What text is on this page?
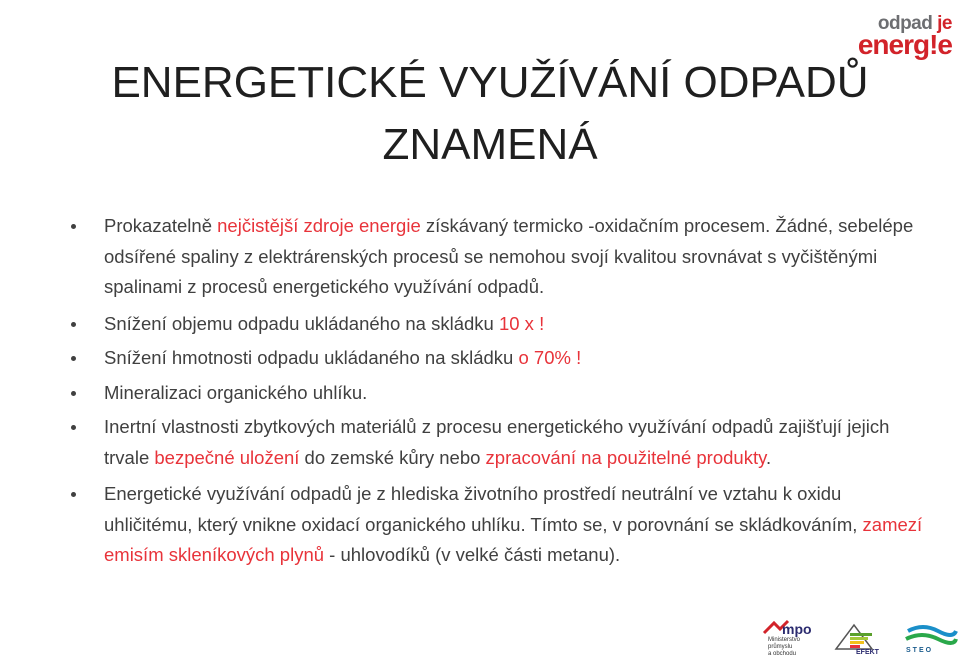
odpad je
energ!e
ENERGETICKÉ VYUŽÍVÁNÍ ODPADŮ
ZNAMENÁ
Prokazatelně nejčistější zdroje energie získávaný termicko -oxidačním procesem. Žádné, sebelépe odsířené spaliny z elektrárenských procesů se nemohou svojí kvalitou srovnávat s vyčištěnými spalinami z procesů energetického využívání odpadů.
Snížení objemu odpadu ukládaného na skládku 10 x !
Snížení hmotnosti odpadu ukládaného na skládku o 70% !
Mineralizaci organického uhlíku.
Inertní vlastnosti zbytkových materiálů z procesu energetického využívání odpadů zajišťují jejich trvale bezpečné uložení do zemské kůry nebo zpracování na použitelné produkty.
Energetické využívání odpadů je z hlediska životního prostředí neutrální ve vztahu k oxidu uhličitému, který vnikne oxidací organického uhlíku. Tímto se, v porovnání se skládkováním, zamezí emisím skleníkových plynů - uhlovodíků (v velké části metanu).
mpo
Ministerstvo
průmyslu
a obchodu	EFEKT	STEO
